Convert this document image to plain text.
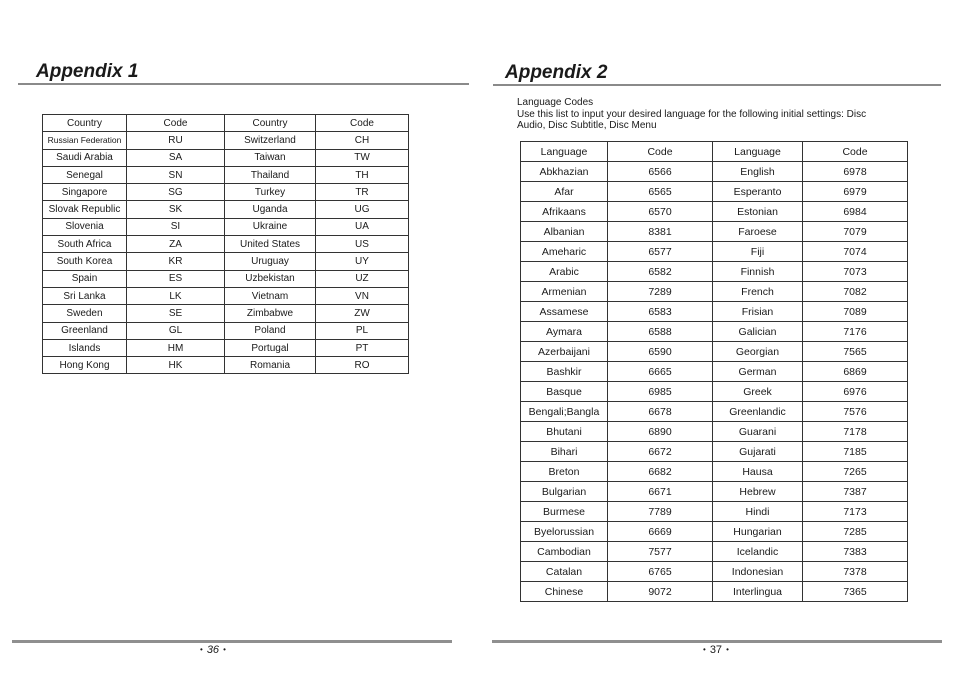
Appendix 1
Country	Code	Country	Code
Russian Federation	RU	Switzerland	CH
Saudi Arabia	SA	Taiwan	TW
Senegal	SN	Thailand	TH
Singapore	SG	Turkey	TR
Slovak Republic	SK	Uganda	UG
Slovenia	SI	Ukraine	UA
South Africa	ZA	United States	US
South Korea	KR	Uruguay	UY
Spain	ES	Uzbekistan	UZ
Sri Lanka	LK	Vietnam	VN
Sweden	SE	Zimbabwe	ZW
Greenland	GL	Poland	PL
Islands	HM	Portugal	PT
Hong Kong	HK	Romania	RO
• 36 •
Appendix 2

Language Codes

Use this list to input your desired language for the following initial settings: Disc Audio, Disc Subtitle, Disc Menu

Language	Code	Language	Code
Abkhazian	6566	English	6978
Afar	6565	Esperanto	6979
Afrikaans	6570	Estonian	6984
Albanian	8381	Faroese	7079
Ameharic	6577	Fiji	7074
Arabic	6582	Finnish	7073
Armenian	7289	French	7082
Assamese	6583	Frisian	7089
Aymara	6588	Galician	7176
Azerbaijani	6590	Georgian	7565
Bashkir	6665	German	6869
Basque	6985	Greek	6976
Bengali;Bangla	6678	Greenlandic	7576
Bhutani	6890	Guarani	7178
Bihari	6672	Gujarati	7185
Breton	6682	Hausa	7265
Bulgarian	6671	Hebrew	7387
Burmese	7789	Hindi	7173
Byelorussian	6669	Hungarian	7285
Cambodian	7577	Icelandic	7383
Catalan	6765	Indonesian	7378
Chinese	9072	Interlingua	7365
• 37 •
